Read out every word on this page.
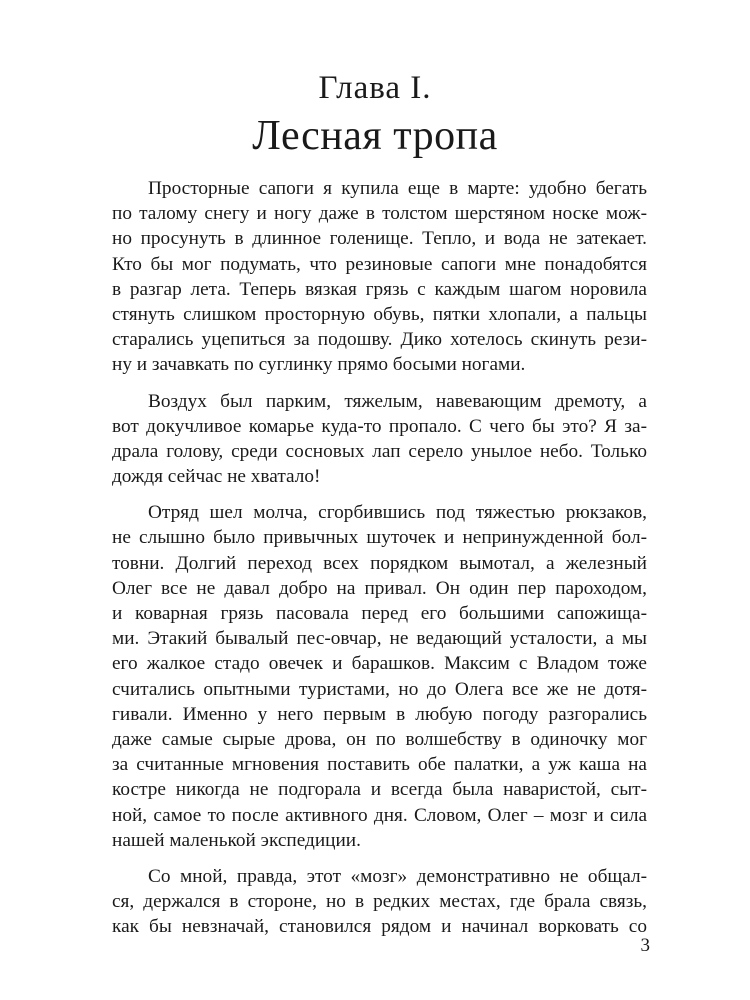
Глава I.
Лесная тропа
Просторные сапоги я купила еще в марте: удобно бегать
по талому снегу и ногу даже в толстом шерстяном носке мож-
но просунуть в длинное голенище. Тепло, и вода не затекает.
Кто бы мог подумать, что резиновые сапоги мне понадобятся
в разгар лета. Теперь вязкая грязь с каждым шагом норовила
стянуть слишком просторную обувь, пятки хлопали, а пальцы
старались уцепиться за подошву. Дико хотелось скинуть рези-
ну и зачавкать по суглинку прямо босыми ногами.
Воздух был парким, тяжелым, навевающим дремоту, а
вот докучливое комарье куда-то пропало. С чего бы это? Я за-
драла голову, среди сосновых лап серело унылое небо. Только
дождя сейчас не хватало!
Отряд шел молча, сгорбившись под тяжестью рюкзаков,
не слышно было привычных шуточек и непринужденной бол-
товни. Долгий переход всех порядком вымотал, а железный
Олег все не давал добро на привал. Он один пер пароходом,
и коварная грязь пасовала перед его большими сапожища-
ми. Этакий бывалый пес-овчар, не ведающий усталости, а мы
его жалкое стадо овечек и барашков. Максим с Владом тоже
считались опытными туристами, но до Олега все же не дотя-
гивали. Именно у него первым в любую погоду разгорались
даже самые сырые дрова, он по волшебству в одиночку мог
за считанные мгновения поставить обе палатки, а уж каша на
костре никогда не подгорала и всегда была наваристой, сыт-
ной, самое то после активного дня. Словом, Олег – мозг и сила
нашей маленькой экспедиции.
Со мной, правда, этот «мозг» демонстративно не общал-
ся, держался в стороне, но в редких местах, где брала связь,
как бы невзначай, становился рядом и начинал ворковать со
3
